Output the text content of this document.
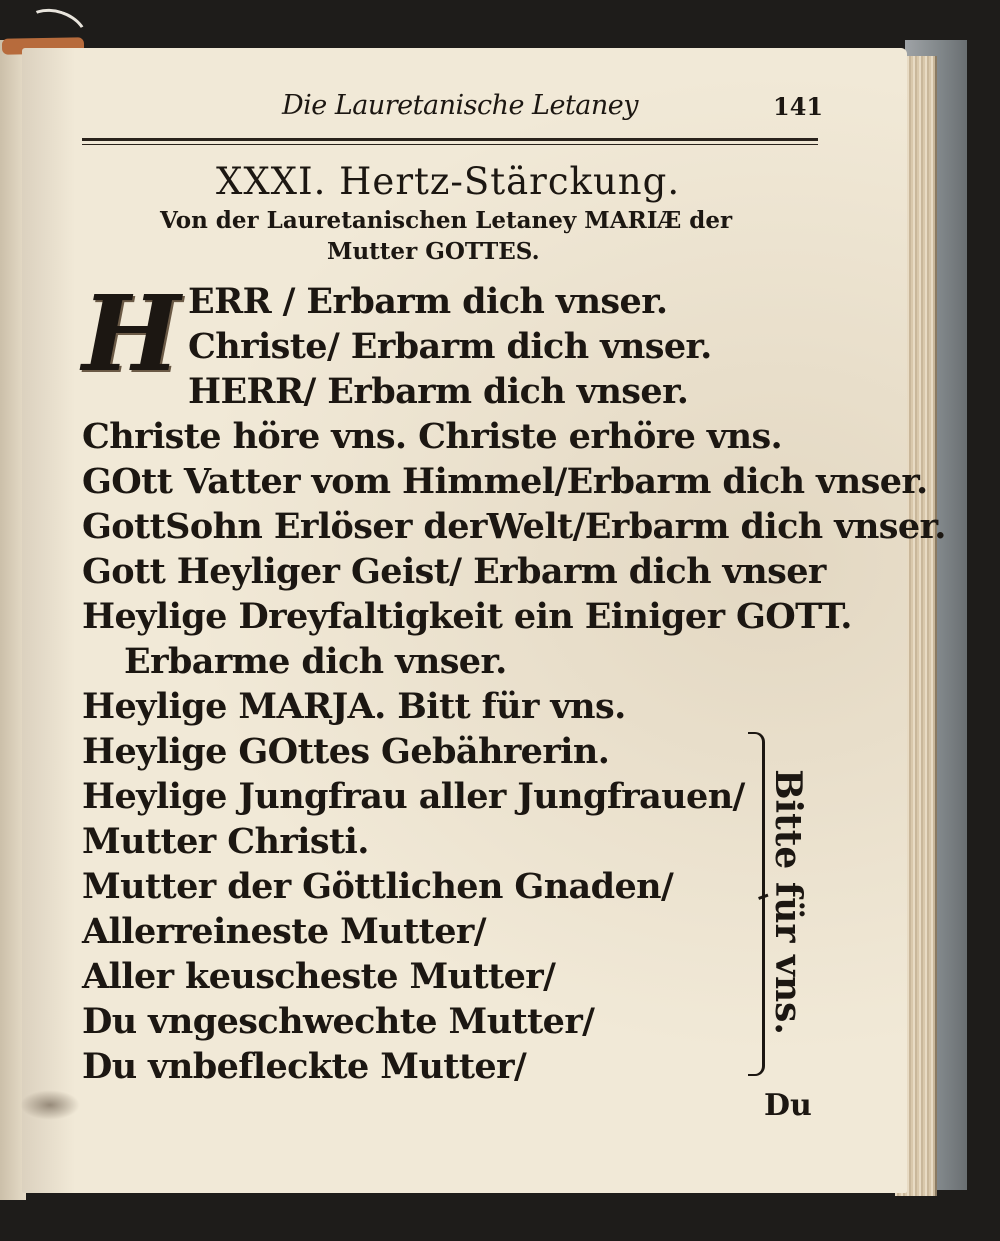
Die Lauretanische Letaney	141
XXXI. Hertz-Stärckung.
Von der Lauretanischen Letaney MARIÆ der
Mutter GOTTES.
H ERR / Erbarm dich vnser.
Christe/ Erbarm dich vnser.
HERR/ Erbarm dich vnser.
Christe höre vns. Christe erhöre vns.
GOtt Vatter vom Himmel/Erbarm dich vnser.
GottSohn Erlöser derWelt/Erbarm dich vnser.
Gott Heyliger Geist/ Erbarm dich vnser
Heylige Dreyfaltigkeit ein Einiger GOTT.
Erbarme dich vnser.
Heylige MARJA. Bitt für vns.
Heylige GOttes Gebährerin.
Heylige Jungfrau aller Jungfrauen/
Mutter Christi.
Mutter der Göttlichen Gnaden/
Allerreineste Mutter/
Aller keuscheste Mutter/
Du vngeschwechte Mutter/
Du vnbefleckte Mutter/
Bitte für vns.
Du
